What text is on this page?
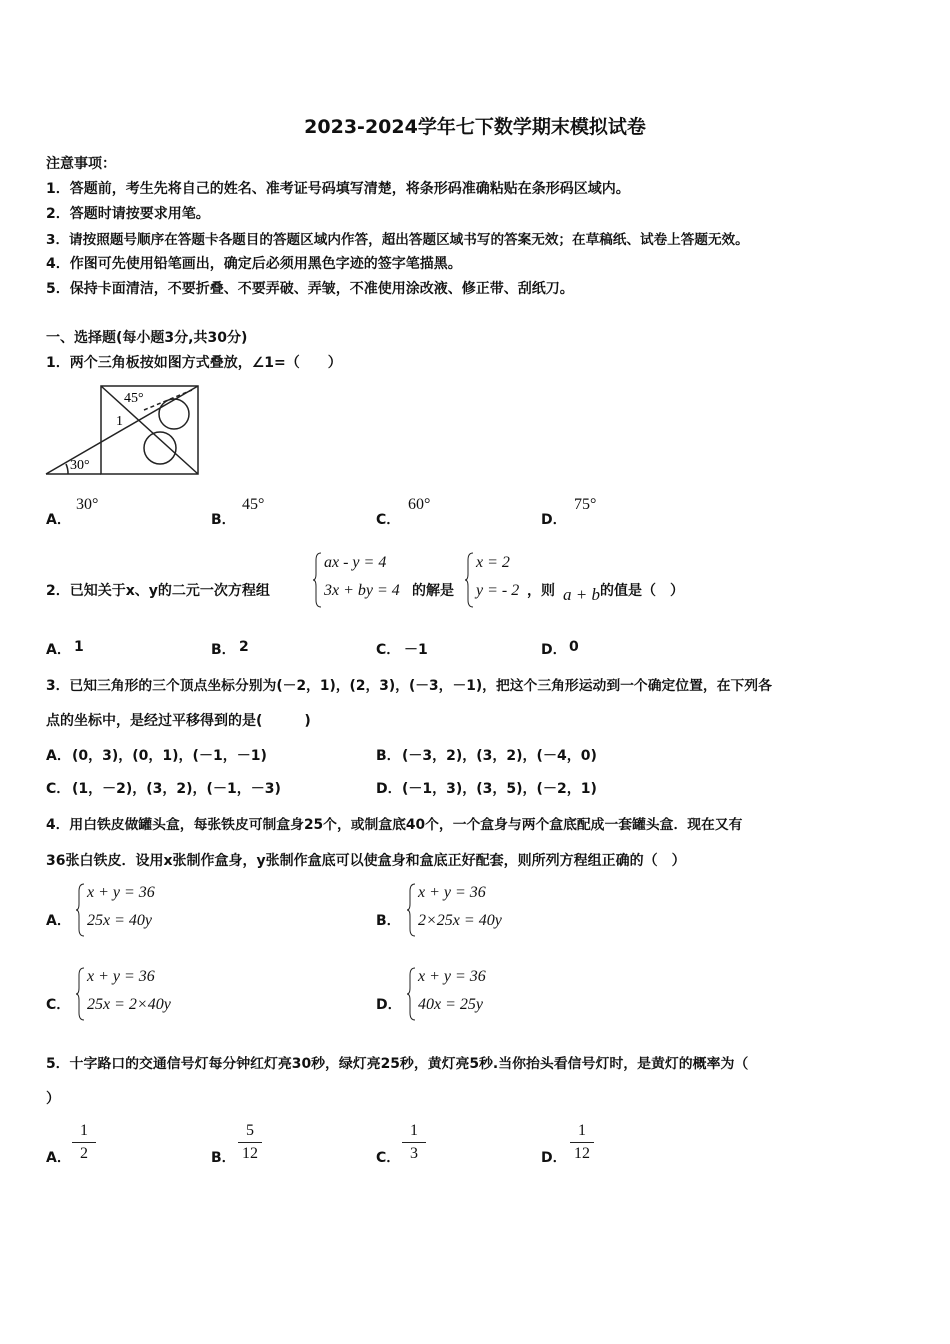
2023-2024学年七下数学期末模拟试卷
注意事项：
1．答题前，考生先将自己的姓名、准考证号码填写清楚，将条形码准确粘贴在条形码区域内。
2．答题时请按要求用笔。
3．请按照题号顺序在答题卡各题目的答题区域内作答，超出答题区域书写的答案无效；在草稿纸、试卷上答题无效。
4．作图可先使用铅笔画出，确定后必须用黑色字迹的签字笔描黑。
5．保持卡面清洁，不要折叠、不要弄破、弄皱，不准使用涂改液、修正带、刮纸刀。
一、选择题(每小题3分,共30分)
1．两个三角板按如图方式叠放，∠1=（　　）
45°
30°
1
A．
30°
B．
45°
C．
60°
D．
75°
2．已知关于x、y的二元一次方程组
ax - y = 4
3x + by = 4 的解是
x = 2
y = - 2 ，则 a + b 的值是（　）
A． 1	B． 2	C． －1	D． 0
3．已知三角形的三个顶点坐标分别为(－2，1)，(2，3)，(－3，－1)，把这个三角形运动到一个确定位置，在下列各
点的坐标中，是经过平移得到的是(　　　)
A． (0，3)，(0，1)，(－1，－1)	B． (－3，2)，(3，2)，(－4，0)
C． (1，－2)，(3，2)，(－1，－3)	D． (－1，3)，(3，5)，(－2，1)
4．用白铁皮做罐头盒，每张铁皮可制盒身25个，或制盒底40个，一个盒身与两个盒底配成一套罐头盒．现在又有
36张白铁皮．设用x张制作盒身，y张制作盒底可以使盒身和盒底正好配套，则所列方程组正确的（　）
A．
x + y = 36
25x = 40y	B．
x + y = 36
2×25x = 40y
C．
x + y = 36
25x = 2×40y	D．
x + y = 36
40x = 25y
5．十字路口的交通信号灯每分钟红灯亮30秒，绿灯亮25秒，黄灯亮5秒.当你抬头看信号灯时，是黄灯的概率为（
）
A．
1
2	B．
5
12	C．
1
3	D．
1
12
